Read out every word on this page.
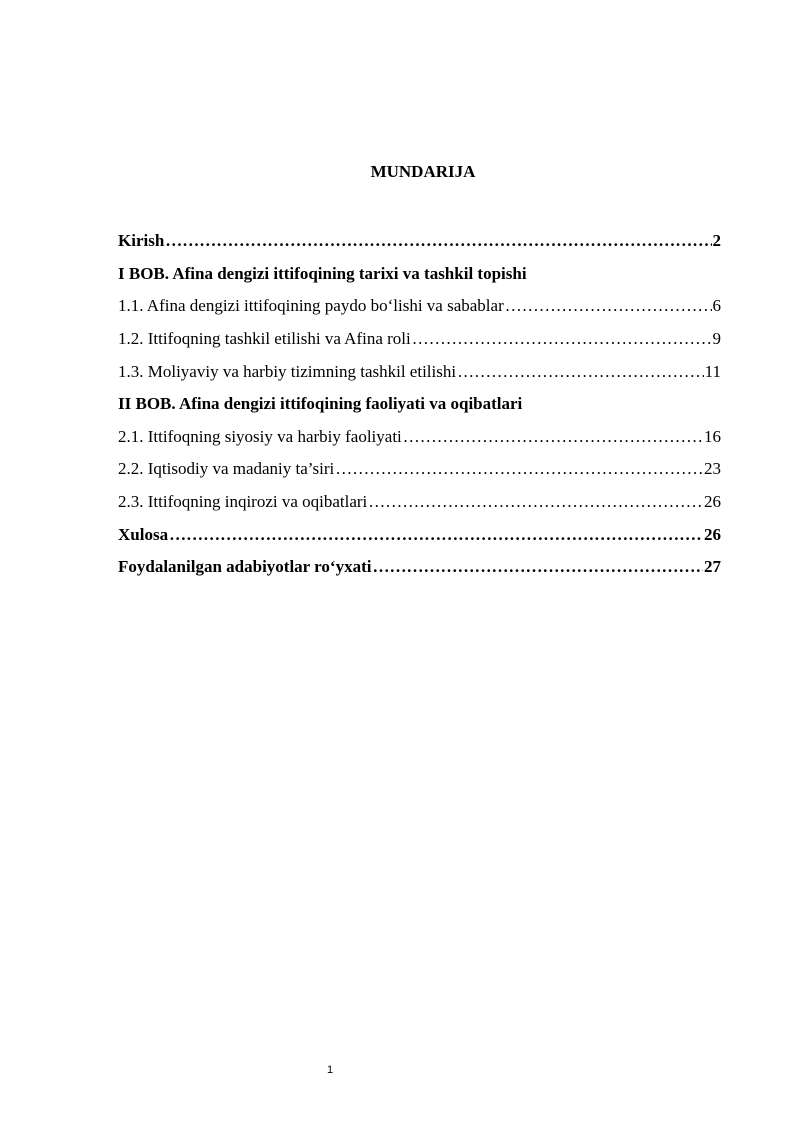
MUNDARIJA
Kirish …………………………………………………………………………………………………………………………………………………………………………	2
I BOB. Afina dengizi ittifoqining tarixi va tashkil topishi
1.1. Afina dengizi ittifoqining paydo bo‘lishi va sabablar …………………………………………………………………………………………………………………………………………………………………………	6
1.2. Ittifoqning tashkil etilishi va Afina roli …………………………………………………………………………………………………………………………………………………………………………	9
1.3. Moliyaviy va harbiy tizimning tashkil etilishi …………………………………………………………………………………………………………………………………………………………………………	11
II BOB. Afina dengizi ittifoqining faoliyati va oqibatlari
2.1. Ittifoqning siyosiy va harbiy faoliyati …………………………………………………………………………………………………………………………………………………………………………	16
2.2. Iqtisodiy va madaniy ta’siri …………………………………………………………………………………………………………………………………………………………………………	23
2.3. Ittifoqning inqirozi va oqibatlari …………………………………………………………………………………………………………………………………………………………………………	26
Xulosa …………………………………………………………………………………………………………………………………………………………………………	26
Foydalanilgan adabiyotlar ro‘yxati …………………………………………………………………………………………………………………………………………………………………………	27
1
